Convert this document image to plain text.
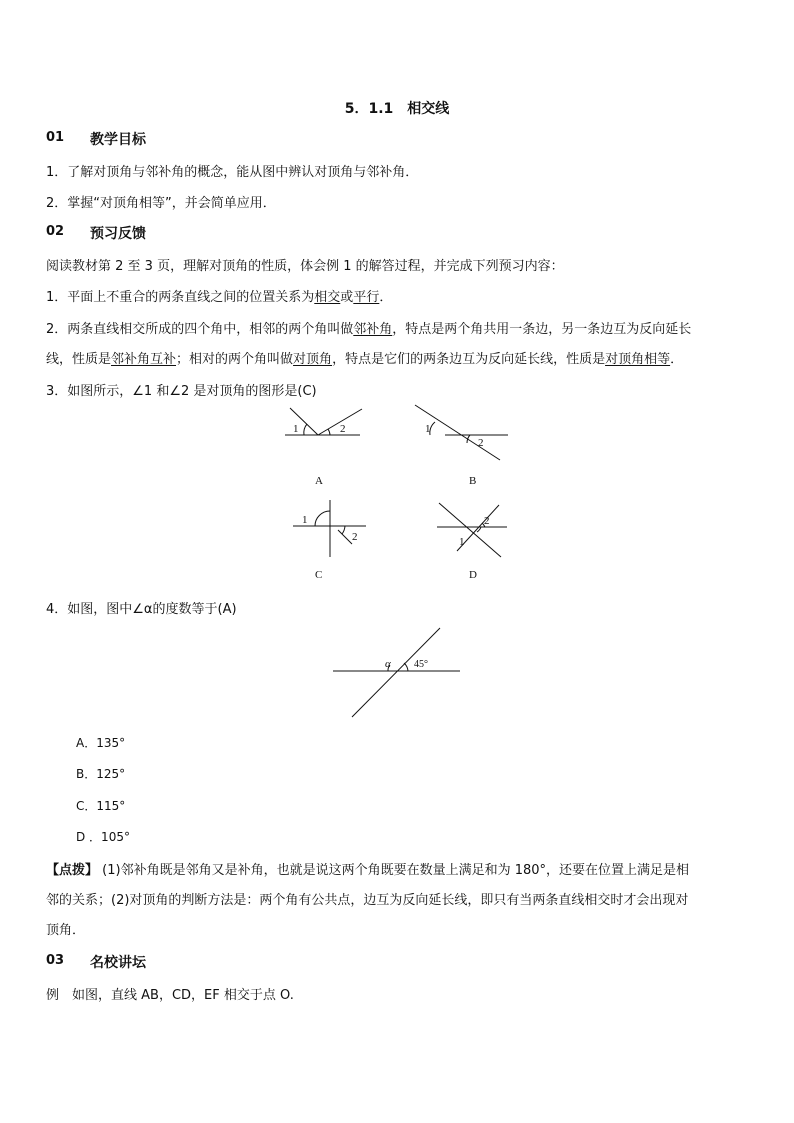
5．1.1　相交线
01 教学目标
1．了解对顶角与邻补角的概念，能从图中辨认对顶角与邻补角．
2．掌握“对顶角相等”，并会简单应用．
02 预习反馈
阅读教材第 2 至 3 页，理解对顶角的性质，体会例 1 的解答过程，并完成下列预习内容：
1．平面上不重合的两条直线之间的位置关系为相交或平行．
2．两条直线相交所成的四个角中，相邻的两个角叫做邻补角，特点是两个角共用一条边，另一条边互为反向延长
线，性质是邻补角互补；相对的两个角叫做对顶角，特点是它们的两条边互为反向延长线，性质是对顶角相等．
3．如图所示，∠1 和∠2 是对顶角的图形是(C)
1	2
A
1
2
B
1
2
C
1
2
D
4．如图，图中∠α的度数等于(A)
α 45°
A．135°
B．125°
C．115°
D ．105°
【点拨】 (1)邻补角既是邻角又是补角，也就是说这两个角既要在数量上满足和为 180°，还要在位置上满足是相
邻的关系；(2)对顶角的判断方法是：两个角有公共点，边互为反向延长线，即只有当两条直线相交时才会出现对
顶角．
03 名校讲坛
例　如图，直线 AB，CD，EF 相交于点 O.
